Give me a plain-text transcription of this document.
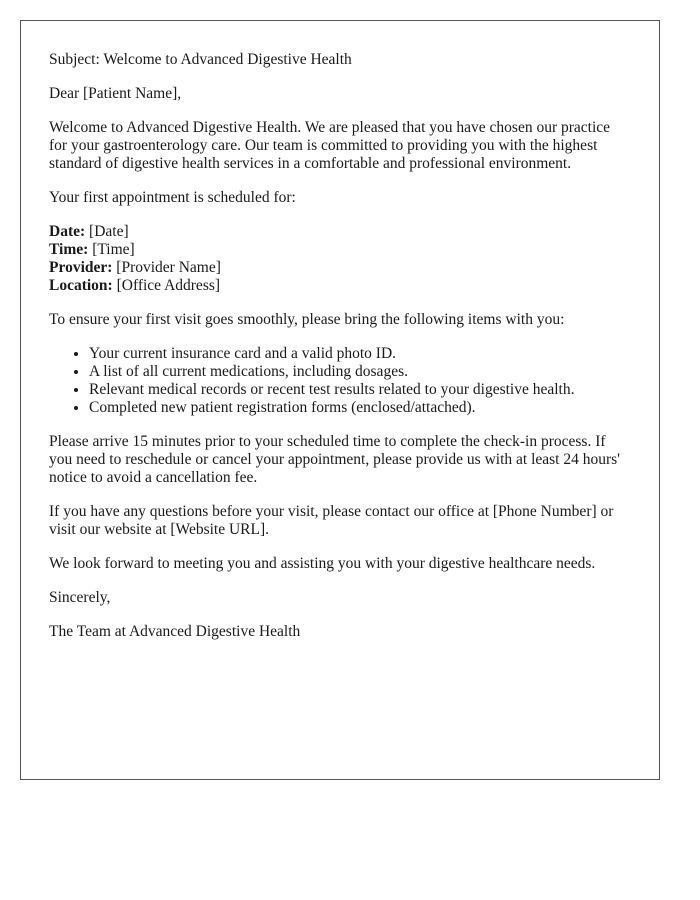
Subject: Welcome to Advanced Digestive Health

Dear [Patient Name],

Welcome to Advanced Digestive Health. We are pleased that you have chosen our practice for your gastroenterology care. Our team is committed to providing you with the highest standard of digestive health services in a comfortable and professional environment.

Your first appointment is scheduled for:

Date: [Date]
Time: [Time]
Provider: [Provider Name]
Location: [Office Address]

To ensure your first visit goes smoothly, please bring the following items with you:

• Your current insurance card and a valid photo ID.
• A list of all current medications, including dosages.
• Relevant medical records or recent test results related to your digestive health.
• Completed new patient registration forms (enclosed/attached).

Please arrive 15 minutes prior to your scheduled time to complete the check-in process. If you need to reschedule or cancel your appointment, please provide us with at least 24 hours' notice to avoid a cancellation fee.

If you have any questions before your visit, please contact our office at [Phone Number] or visit our website at [Website URL].

We look forward to meeting you and assisting you with your digestive healthcare needs.

Sincerely,

The Team at Advanced Digestive Health
